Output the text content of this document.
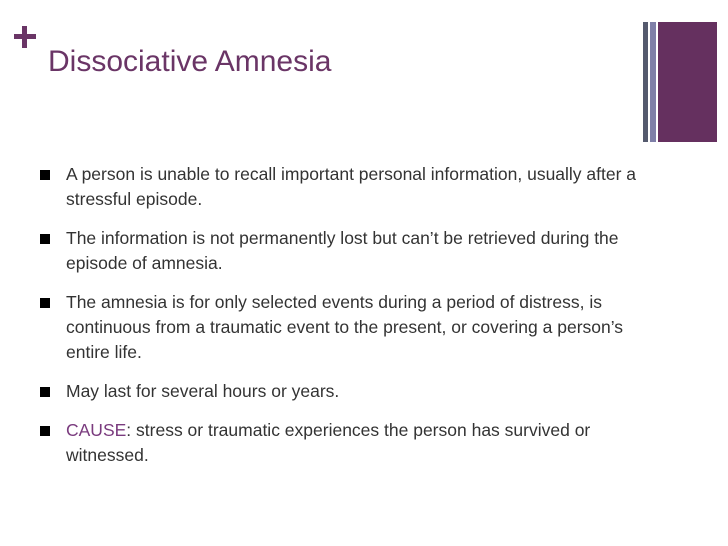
Dissociative Amnesia
A person is unable to recall important personal information, usually after a stressful episode.
The information is not permanently lost but can’t be retrieved during the episode of amnesia.
The amnesia is for only selected events during a period of distress, is continuous from a traumatic event to the present, or covering a person’s entire life.
May last for several hours or years.
CAUSE: stress or traumatic experiences the person has survived or witnessed.
